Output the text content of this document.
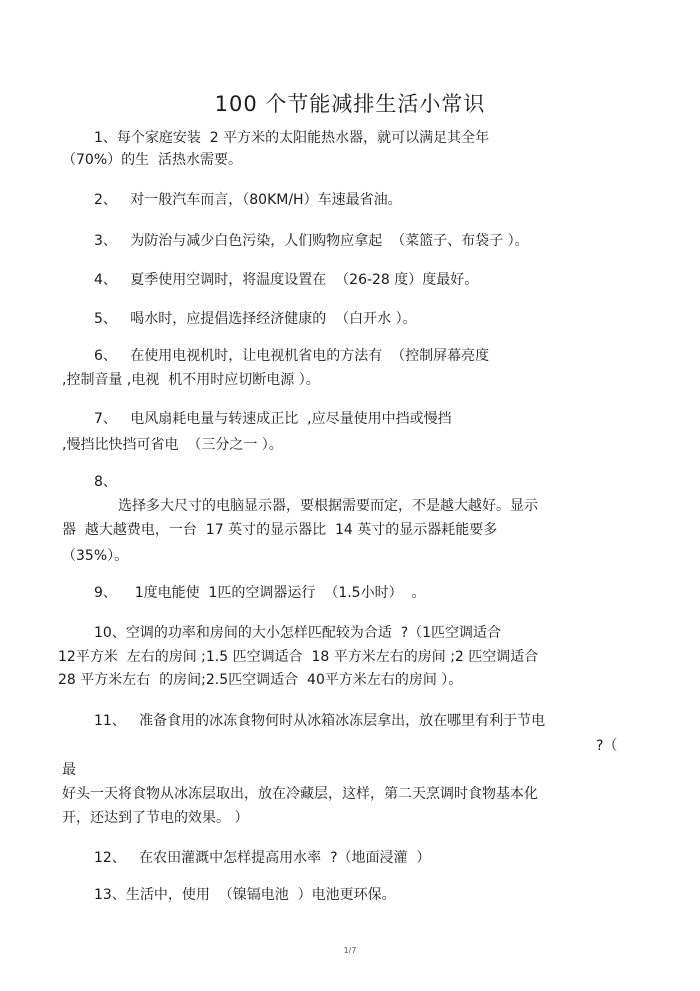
100 个节能减排生活小常识

1、每个家庭安装  2 平方米的太阳能热水器，就可以满足其全年

（70%）的生  活热水需要。

2、   对一般汽车而言，（80KM/H）车速最省油。

3、   为防治与减少白色污染，人们购物应拿起  （菜篮子、布袋子 ）。

4、   夏季使用空调时，将温度设置在  （26-28 度）度最好。

5、   喝水时，应提倡选择经济健康的  （白开水 ）。

6、   在使用电视机时，让电视机省电的方法有  （控制屏幕亮度

,控制音量 ,电视  机不用时应切断电源 ）。

7、   电风扇耗电量与转速成正比  ,应尽量使用中挡或慢挡

,慢挡比快挡可省电  （三分之一 ）。

8、

选择多大尺寸的电脑显示器，要根据需要而定，不是越大越好。显示

器  越大越费电，一台  17 英寸的显示器比  14 英寸的显示器耗能要多

（35%）。

9、    1度电能使  1匹的空调器运行  （1.5小时）  。

10、空调的功率和房间的大小怎样匹配较为合适  ?（1匹空调适合

12平方米  左右的房间 ;1.5 匹空调适合  18 平方米左右的房间 ;2 匹空调适合

28 平方米左右  的房间;2.5匹空调适合  40平方米左右的房间 ）。

11、   准备食用的冰冻食物何时从冰箱冰冻层拿出，放在哪里有利于节电

?（

最

好头一天将食物从冰冻层取出，放在冷藏层，这样，第二天烹调时食物基本化

开，还达到了节电的效果。 ）

12、   在农田灌溉中怎样提高用水率  ?（地面浸灌  ）

13、生活中，使用  （镍镉电池  ）电池更环保。

1/7
